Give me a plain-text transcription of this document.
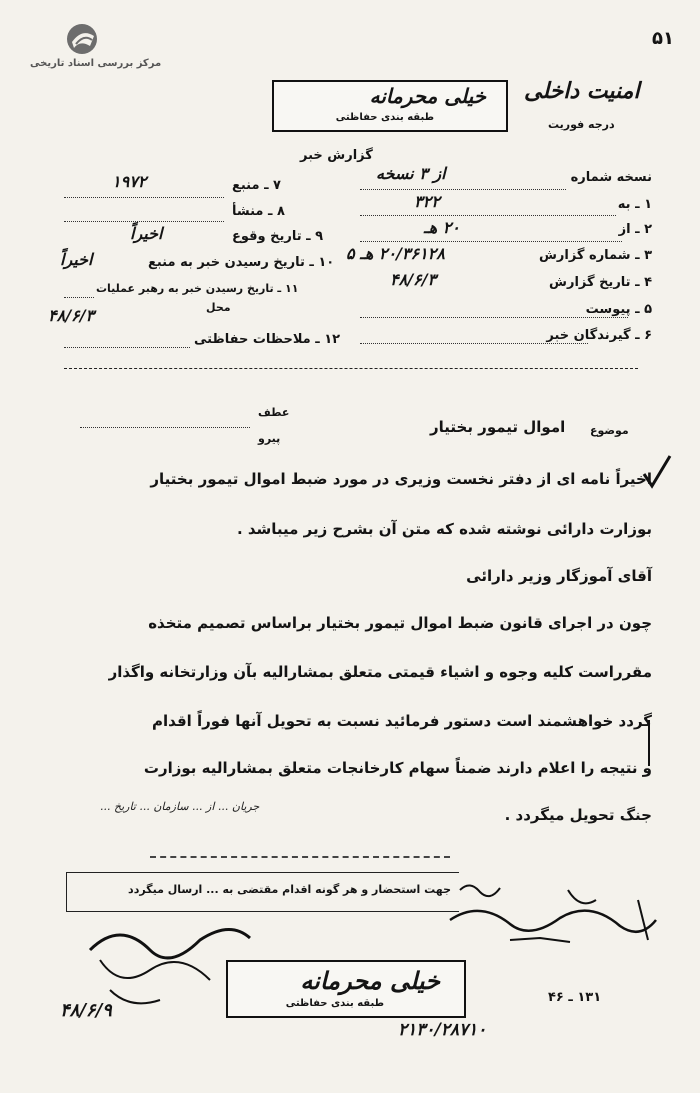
۵۱
مرکز بررسی اسناد تاریخی
خیلی محرمانه
طبقه بندی حفاظتی
امنیت داخلی
درجه فوریت
گزارش خبر
نسخه شماره
از ۳ نسخه
۱ ـ به
۳۲۲
۲ ـ از
۲۰ هـ
۳ ـ شماره گزارش
۲۰/۳۶۱۲۸ هـ ۵
۴ ـ تاریخ گزارش
۴۸/۶/۳
۵ ـ پیوست
۶ ـ گیرندگان خبر
۷ ـ منبع
۱۹۷۲
۸ ـ منشأ
۹ ـ تاریخ وقوع
اخیراً
۱۰ ـ تاریخ رسیدن خبر به منبع
اخیراً
۱۱ ـ تاریخ رسیدن خبر به رهبر عملیات
محل
۴۸/۶/۳
۱۲ ـ ملاحظات حفاظتی
عطف
پیرو
موضوع
اموال تیمور بختیار
اخیراً نامه ای از دفتر نخست وزیری در مورد ضبط اموال تیمور بختیار
بوزارت دارائی نوشته شده که متن آن بشرح زیر میباشد .
آقای آموزگار وزیر دارائی
چون در اجرای قانون ضبط اموال تیمور بختیار براساس تصمیم متخذه
مقرراست کلیه وجوه و اشیاء قیمتی متعلق بمشارالیه بآن وزارتخانه واگذار
گردد خواهشمند است دستور فرمائید نسبت به تحویل آنها فوراً اقدام
و نتیجه را اعلام دارند ضمناً سهام کارخانجات متعلق بمشارالیه بوزارت
جنگ تحویل میگردد .
جریان ... از ... سازمان ... تاریخ ...
جهت استحضار و هر گونه اقدام مقتضی به ... ارسال میگردد
۴۸/۶/۹
خیلی محرمانه
طبقه بندی حفاظتی	۱۳۱ ـ ۴۶
۲۱۳۰/۲۸۷۱۰
